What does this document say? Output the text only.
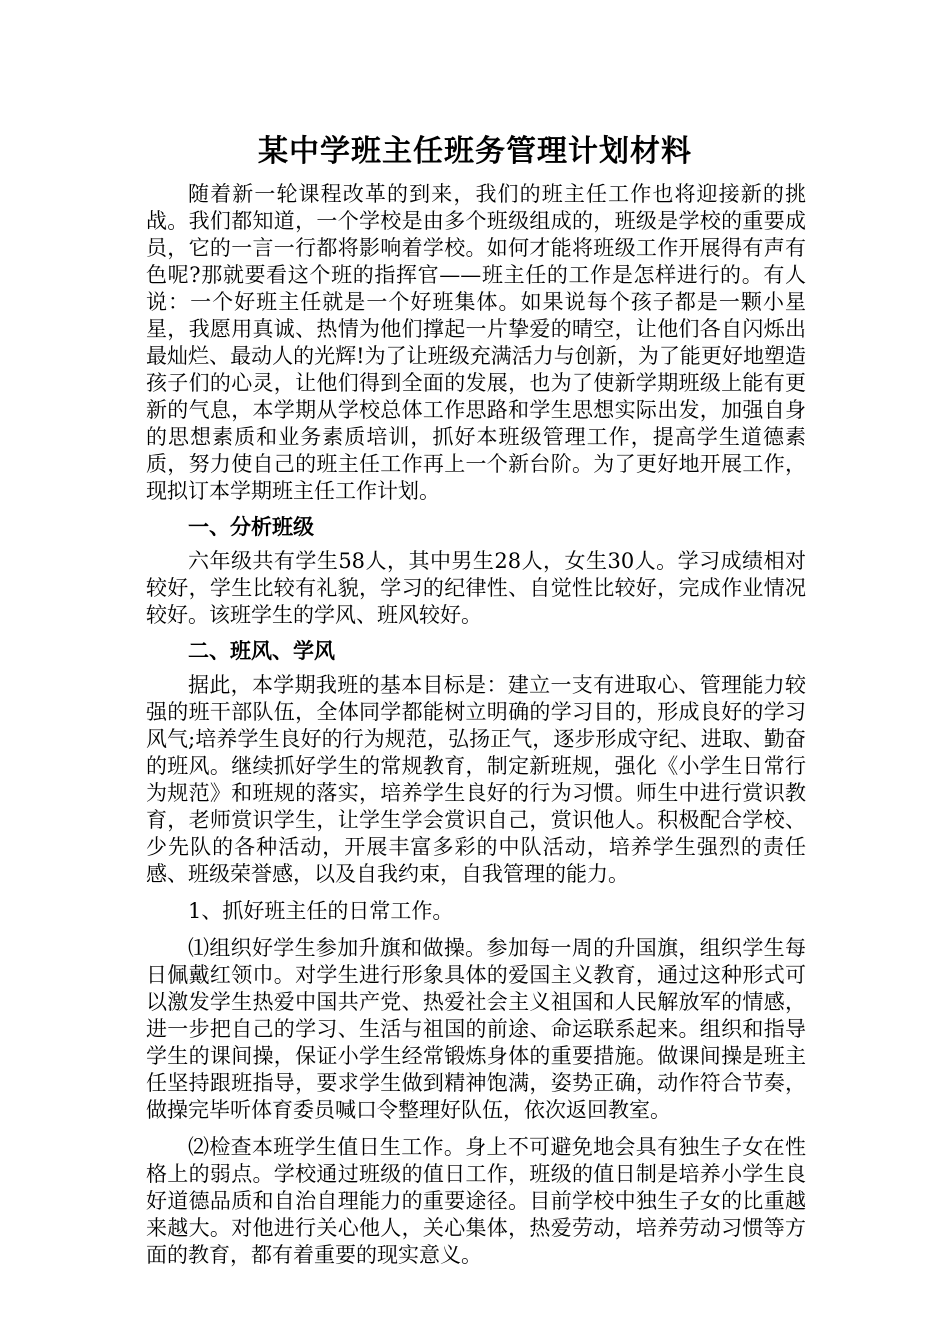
某中学班主任班务管理计划材料

随着新一轮课程改革的到来，我们的班主任工作也将迎接新的挑战。我们都知道，一个学校是由多个班级组成的，班级是学校的重要成员，它的一言一行都将影响着学校。如何才能将班级工作开展得有声有色呢?那就要看这个班的指挥官——班主任的工作是怎样进行的。有人说：一个好班主任就是一个好班集体。如果说每个孩子都是一颗小星星，我愿用真诚、热情为他们撑起一片挚爱的晴空，让他们各自闪烁出最灿烂、最动人的光辉!为了让班级充满活力与创新，为了能更好地塑造孩子们的心灵，让他们得到全面的发展，也为了使新学期班级上能有更新的气息，本学期从学校总体工作思路和学生思想实际出发，加强自身的思想素质和业务素质培训，抓好本班级管理工作，提高学生道德素质，努力使自己的班主任工作再上一个新台阶。为了更好地开展工作，现拟订本学期班主任工作计划。

一、分析班级

六年级共有学生58人，其中男生28人，女生30人。学习成绩相对较好，学生比较有礼貌，学习的纪律性、自觉性比较好，完成作业情况较好。该班学生的学风、班风较好。

二、班风、学风

据此，本学期我班的基本目标是：建立一支有进取心、管理能力较强的班干部队伍，全体同学都能树立明确的学习目的，形成良好的学习风气;培养学生良好的行为规范，弘扬正气，逐步形成守纪、进取、勤奋的班风。继续抓好学生的常规教育，制定新班规，强化《小学生日常行为规范》和班规的落实，培养学生良好的行为习惯。师生中进行赏识教育，老师赏识学生，让学生学会赏识自己，赏识他人。积极配合学校、少先队的各种活动，开展丰富多彩的中队活动，培养学生强烈的责任感、班级荣誉感，以及自我约束，自我管理的能力。

1、抓好班主任的日常工作。

⑴组织好学生参加升旗和做操。参加每一周的升国旗，组织学生每日佩戴红领巾。对学生进行形象具体的爱国主义教育，通过这种形式可以激发学生热爱中国共产党、热爱社会主义祖国和人民解放军的情感，进一步把自己的学习、生活与祖国的前途、命运联系起来。组织和指导学生的课间操，保证小学生经常锻炼身体的重要措施。做课间操是班主任坚持跟班指导，要求学生做到精神饱满，姿势正确，动作符合节奏，做操完毕听体育委员喊口令整理好队伍，依次返回教室。

⑵检查本班学生值日生工作。身上不可避免地会具有独生子女在性格上的弱点。学校通过班级的值日工作，班级的值日制是培养小学生良好道德品质和自治自理能力的重要途径。目前学校中独生子女的比重越来越大。对他进行关心他人，关心集体，热爱劳动，培养劳动习惯等方面的教育，都有着重要的现实意义。
